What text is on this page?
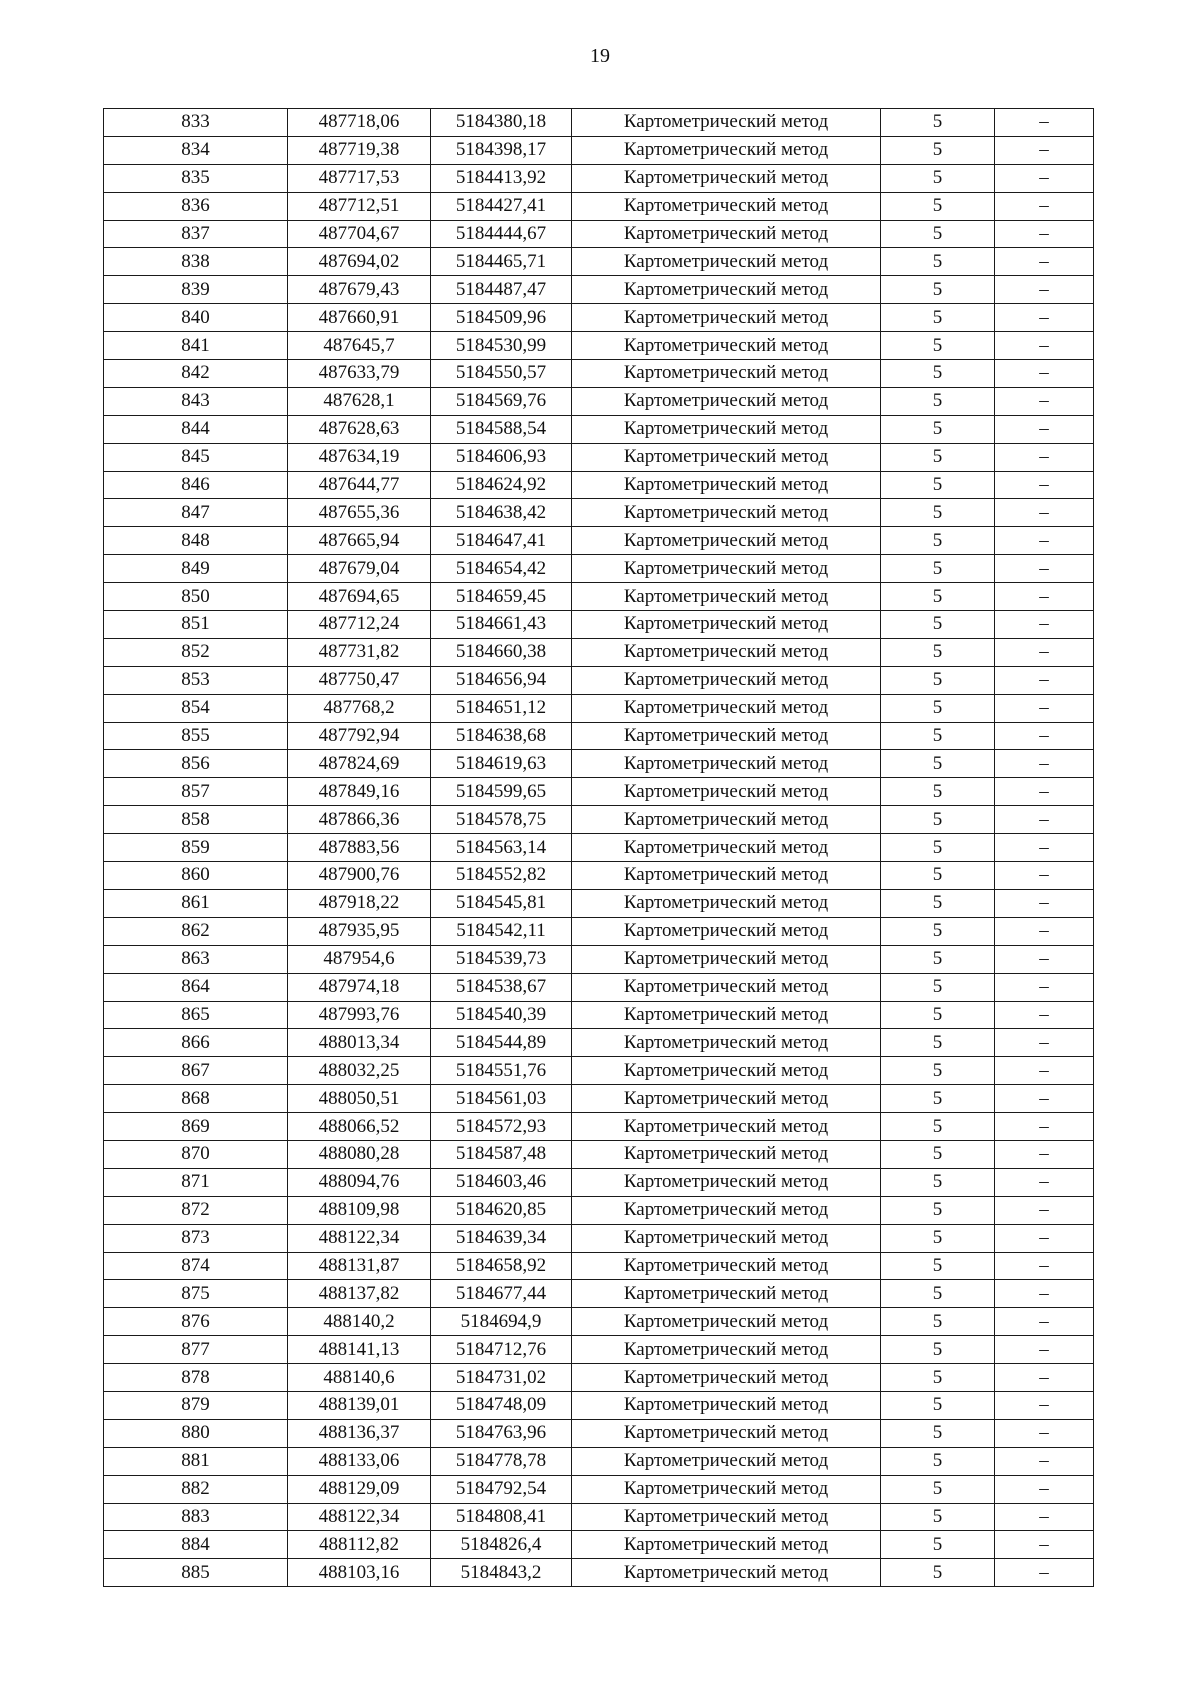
19
833	487718,06	5184380,18	Картометрический метод	5	–
834	487719,38	5184398,17	Картометрический метод	5	–
835	487717,53	5184413,92	Картометрический метод	5	–
836	487712,51	5184427,41	Картометрический метод	5	–
837	487704,67	5184444,67	Картометрический метод	5	–
838	487694,02	5184465,71	Картометрический метод	5	–
839	487679,43	5184487,47	Картометрический метод	5	–
840	487660,91	5184509,96	Картометрический метод	5	–
841	487645,7	5184530,99	Картометрический метод	5	–
842	487633,79	5184550,57	Картометрический метод	5	–
843	487628,1	5184569,76	Картометрический метод	5	–
844	487628,63	5184588,54	Картометрический метод	5	–
845	487634,19	5184606,93	Картометрический метод	5	–
846	487644,77	5184624,92	Картометрический метод	5	–
847	487655,36	5184638,42	Картометрический метод	5	–
848	487665,94	5184647,41	Картометрический метод	5	–
849	487679,04	5184654,42	Картометрический метод	5	–
850	487694,65	5184659,45	Картометрический метод	5	–
851	487712,24	5184661,43	Картометрический метод	5	–
852	487731,82	5184660,38	Картометрический метод	5	–
853	487750,47	5184656,94	Картометрический метод	5	–
854	487768,2	5184651,12	Картометрический метод	5	–
855	487792,94	5184638,68	Картометрический метод	5	–
856	487824,69	5184619,63	Картометрический метод	5	–
857	487849,16	5184599,65	Картометрический метод	5	–
858	487866,36	5184578,75	Картометрический метод	5	–
859	487883,56	5184563,14	Картометрический метод	5	–
860	487900,76	5184552,82	Картометрический метод	5	–
861	487918,22	5184545,81	Картометрический метод	5	–
862	487935,95	5184542,11	Картометрический метод	5	–
863	487954,6	5184539,73	Картометрический метод	5	–
864	487974,18	5184538,67	Картометрический метод	5	–
865	487993,76	5184540,39	Картометрический метод	5	–
866	488013,34	5184544,89	Картометрический метод	5	–
867	488032,25	5184551,76	Картометрический метод	5	–
868	488050,51	5184561,03	Картометрический метод	5	–
869	488066,52	5184572,93	Картометрический метод	5	–
870	488080,28	5184587,48	Картометрический метод	5	–
871	488094,76	5184603,46	Картометрический метод	5	–
872	488109,98	5184620,85	Картометрический метод	5	–
873	488122,34	5184639,34	Картометрический метод	5	–
874	488131,87	5184658,92	Картометрический метод	5	–
875	488137,82	5184677,44	Картометрический метод	5	–
876	488140,2	5184694,9	Картометрический метод	5	–
877	488141,13	5184712,76	Картометрический метод	5	–
878	488140,6	5184731,02	Картометрический метод	5	–
879	488139,01	5184748,09	Картометрический метод	5	–
880	488136,37	5184763,96	Картометрический метод	5	–
881	488133,06	5184778,78	Картометрический метод	5	–
882	488129,09	5184792,54	Картометрический метод	5	–
883	488122,34	5184808,41	Картометрический метод	5	–
884	488112,82	5184826,4	Картометрический метод	5	–
885	488103,16	5184843,2	Картометрический метод	5	–
